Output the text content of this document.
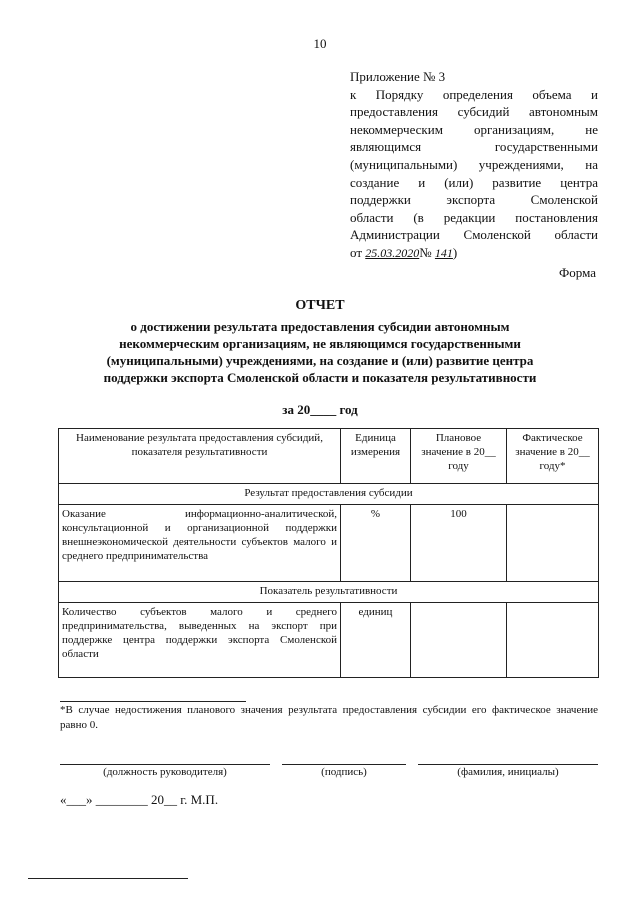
10
Приложение № 3
к Порядку определения объема и
предоставления субсидий автономным
некоммерческим организациям, не
являющимся государственными
(муниципальными) учреждениями, на
создание и (или) развитие центра
поддержки экспорта Смоленской
области (в редакции постановления
Администрации Смоленской области
от 25.03.2020№ 141)
Форма
ОТЧЕТ
о достижении результата предоставления субсидии автономным некоммерческим организациям, не являющимся государственными (муниципальными) учреждениями, на создание и (или) развитие центра поддержки экспорта Смоленской области и показателя результативности
за 20____ год
Наименование результата предоставления субсидий, показателя результативности	Единица измерения	Плановое значение в 20__ году	Фактическое значение в 20__ году*
Результат предоставления субсидии			
Оказание информационно-аналитической, консультационной и организационной поддержки внешнеэкономической деятельности субъектов малого и среднего предпринимательства	%	100	
Показатель результативности			
Количество субъектов малого и среднего предпринимательства, выведенных на экспорт при поддержке центра поддержки экспорта Смоленской области	единиц		
*В случае недостижения планового значения результата предоставления субсидии его фактическое значение равно 0.
(должность руководителя)	(подпись)	(фамилия, инициалы)
«___» ________ 20__ г. М.П.
